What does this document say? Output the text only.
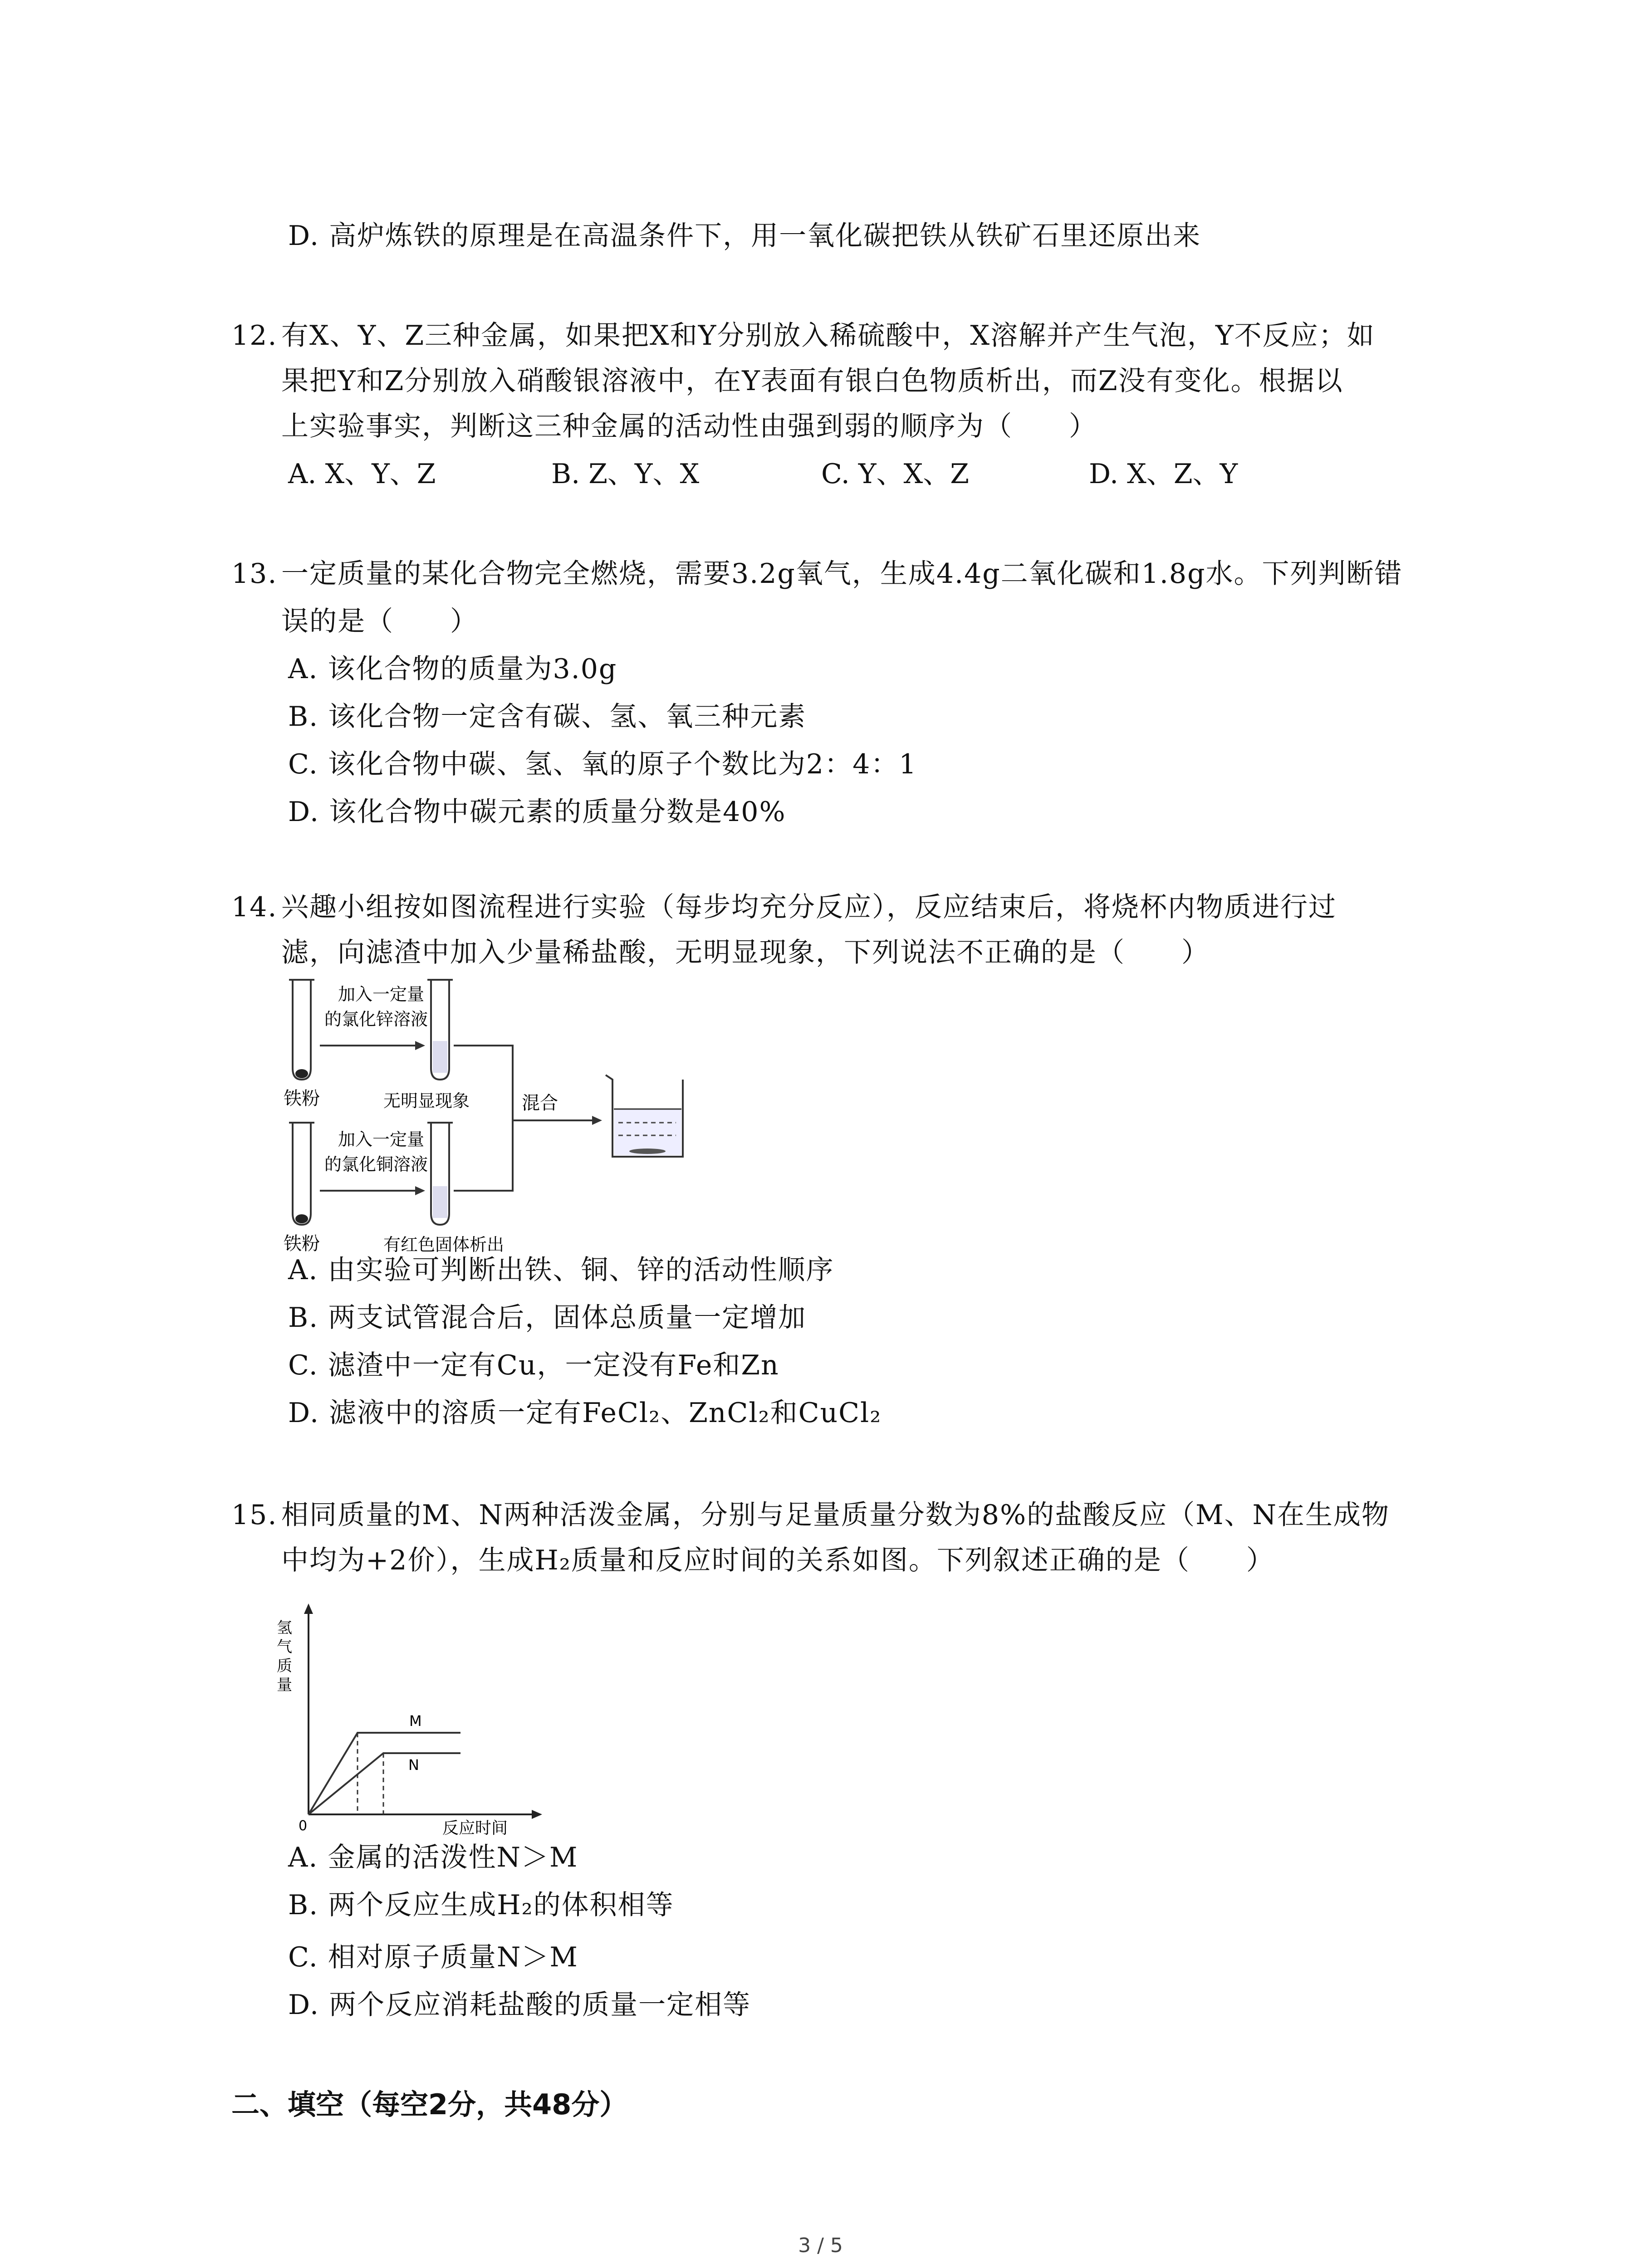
D. 高炉炼铁的原理是在高温条件下，用一氧化碳把铁从铁矿石里还原出来
12. 有X、Y、Z三种金属，如果把X和Y分别放入稀硫酸中，X溶解并产生气泡，Y不反应；如
果把Y和Z分别放入硝酸银溶液中，在Y表面有银白色物质析出，而Z没有变化。根据以
上实验事实，判断这三种金属的活动性由强到弱的顺序为（　　）
A. X、Y、Z	B. Z、Y、X	C. Y、X、Z	D. X、Z、Y
13. 一定质量的某化合物完全燃烧，需要3.2g氧气，生成4.4g二氧化碳和1.8g水。下列判断错
误的是（　　）
A. 该化合物的质量为3.0g
B. 该化合物一定含有碳、氢、氧三种元素
C. 该化合物中碳、氢、氧的原子个数比为2：4：1
D. 该化合物中碳元素的质量分数是40%
14. 兴趣小组按如图流程进行实验（每步均充分反应），反应结束后，将烧杯内物质进行过
滤，向滤渣中加入少量稀盐酸，无明显现象，下列说法不正确的是（　　）
铁粉
加入一定量
的氯化锌溶液
无明显现象
铁粉
加入一定量
的氯化铜溶液
有红色固体析出
混合
A. 由实验可判断出铁、铜、锌的活动性顺序
B. 两支试管混合后，固体总质量一定增加
C. 滤渣中一定有Cu，一定没有Fe和Zn
D. 滤液中的溶质一定有FeCl₂、ZnCl₂和CuCl₂
15. 相同质量的M、N两种活泼金属，分别与足量质量分数为8%的盐酸反应（M、N在生成物
中均为+2价），生成H₂质量和反应时间的关系如图。下列叙述正确的是（　　）
氢
气
质
量
0	反应时间
M
N
A. 金属的活泼性N＞M
B. 两个反应生成H₂的体积相等
C. 相对原子质量N＞M
D. 两个反应消耗盐酸的质量一定相等
二、填空（每空2分，共48分）
3 / 5
